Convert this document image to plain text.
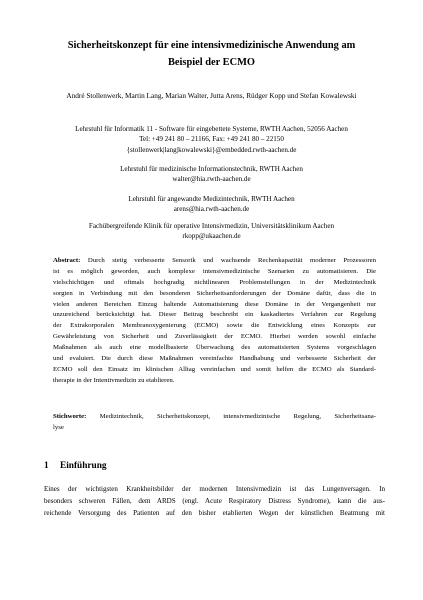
Sicherheitskonzept für eine intensivmedizinische Anwendung am
Beispiel der ECMO
André Stollenwerk, Martin Lang, Marian Walter, Jutta Arens, Rüdger Kopp und Stefan Kowalewski
Lehrstuhl für Informatik 11 - Software für eingebettete Systeme, RWTH Aachen, 52056 Aachen
Tel: +49 241 80 – 21166, Fax: +49 241 80 – 22150
{stollenwerk|lang|kowalewski}@embedded.rwth-aachen.de
Lehrstuhl für medizinische Informationstechnik, RWTH Aachen
walter@hia.rwth-aachen.de
Lehrstuhl für angewandte Medizintechnik, RWTH Aachen
arens@hia.rwth-aachen.de
Fachübergreifende Klinik für operative Intensivmedizin, Universitätsklinikum Aachen
rkopp@ukaachen.de
Abstract: Durch stetig verbesserte Sensorik und wachsende Rechenkapazität moderner Prozessoren
ist es möglich geworden, auch komplexe intensivmedizinische Szenarien zu automatisieren. Die
vielschichtigen und oftmals hochgradig nichtlinearen Problemstellungen in der Medizintechnik
sorgten in Verbindung mit den besonderen Sicherheitsanforderungen der Domäne dafür, dass die in
vielen anderen Bereichen Einzug haltende Automatisierung diese Domäne in der Vergangenheit nur
unzureichend berücksichtigt hat. Dieser Beitrag beschreibt ein kaskadiertes Verfahren zur Regelung
der Extrakorporalen Membranoxygenierung (ECMO) sowie die Entwicklung eines Konzepts zur
Gewährleistung von Sicherheit und Zuverlässigkeit der ECMO. Hierbei werden sowohl einfache
Maßnahmen als auch eine modellbasierte Überwachung des automatisierten Systems vorgeschlagen
und evaluiert. Die durch diese Maßnahmen vereinfachte Handhabung und verbesserte Sicherheit der
ECMO soll den Einsatz im klinischen Alltag vereinfachen und somit helfen die ECMO als Standard-
therapie in der Intentivmedizin zu etablieren.
Stichworte: Medizintechnik, Sicherheitskonzept, intensivmedizinische Regelung, Sicherheitsana-
lyse
1 Einführung
Eines der wichtigsten Krankheitsbilder der modernen Intensivmedizin ist das Lungenversagen. In
besonders schweren Fällen, dem ARDS (engl. Acute Respiratory Distress Syndrome), kann die aus-
reichende Versorgung des Patienten auf den bisher etablierten Wegen der künstlichen Beatmung mit
